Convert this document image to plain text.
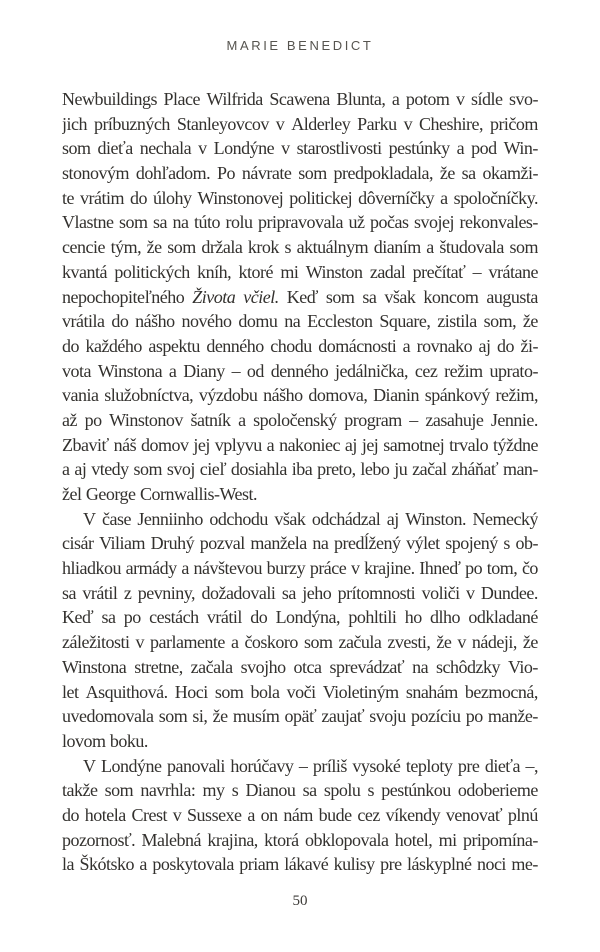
MARIE BENEDICT
Newbuildings Place Wilfrida Scawena Blunta, a potom v sídle svo-
jich príbuzných Stanleyovcov v Alderley Parku v Cheshire, pričom
som dieťa nechala v Londýne v starostlivosti pestúnky a pod Win-
stonovým dohľadom. Po návrate som predpokladala, že sa okamži-
te vrátim do úlohy Winstonovej politickej dôverníčky a spoločníčky.
Vlastne som sa na túto rolu pripravovala už počas svojej rekonvales-
cencie tým, že som držala krok s aktuálnym dianím a študovala som
kvantá politických kníh, ktoré mi Winston zadal prečítať – vrátane
nepochopiteľného Života včiel. Keď som sa však koncom augusta
vrátila do nášho nového domu na Eccleston Square, zistila som, že
do každého aspektu denného chodu domácnosti a rovnako aj do ži-
vota Winstona a Diany – od denného jedálnička, cez režim uprato-
vania služobníctva, výzdobu nášho domova, Dianin spánkový režim,
až po Winstonov šatník a spoločenský program – zasahuje Jennie.
Zbaviť náš domov jej vplyvu a nakoniec aj jej samotnej trvalo týždne
a aj vtedy som svoj cieľ dosiahla iba preto, lebo ju začal zháňať man-
žel George Cornwallis-West.
V čase Jenniinho odchodu však odchádzal aj Winston. Nemecký
cisár Viliam Druhý pozval manžela na predĺžený výlet spojený s ob-
hliadkou armády a návštevou burzy práce v krajine. Ihneď po tom, čo
sa vrátil z pevniny, dožadovali sa jeho prítomnosti voliči v Dundee.
Keď sa po cestách vrátil do Londýna, pohltili ho dlho odkladané
záležitosti v parlamente a čoskoro som začula zvesti, že v nádeji, že
Winstona stretne, začala svojho otca sprevádzať na schôdzky Vio-
let Asquithová. Hoci som bola voči Violetiným snahám bezmocná,
uvedomovala som si, že musím opäť zaujať svoju pozíciu po manže-
lovom boku.
V Londýne panovali horúčavy – príliš vysoké teploty pre dieťa –,
takže som navrhla: my s Dianou sa spolu s pestúnkou odoberieme
do hotela Crest v Sussexe a on nám bude cez víkendy venovať plnú
pozornosť. Malebná krajina, ktorá obklopovala hotel, mi pripomína-
la Škótsko a poskytovala priam lákavé kulisy pre láskyplné noci me-
50
